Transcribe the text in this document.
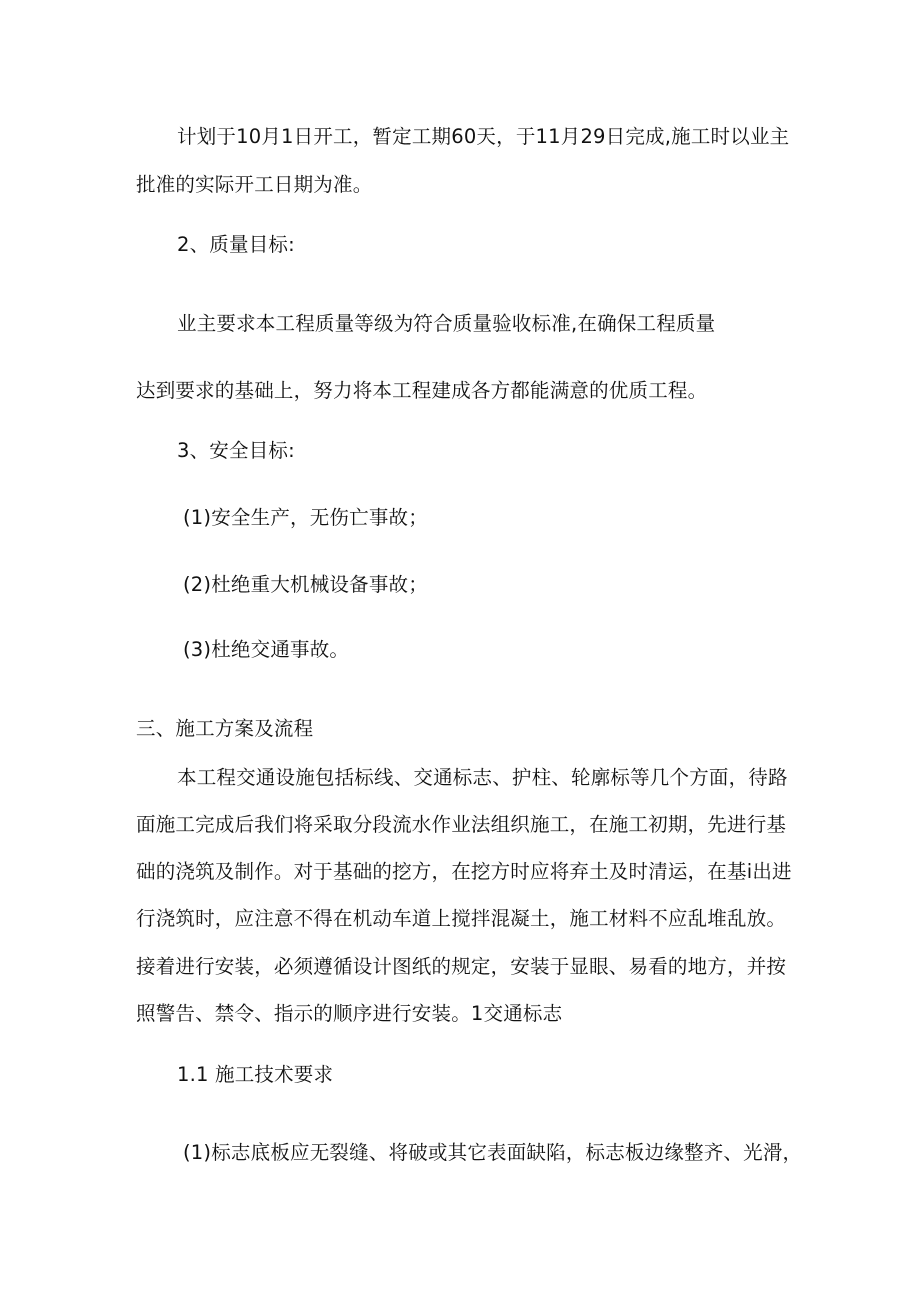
计划于10月1日开工，暂定工期60天，于11月29日完成,施工时以业主
批准的实际开工日期为准。
2、质量目标:
业主要求本工程质量等级为符合质量验收标准,在确保工程质量
达到要求的基础上，努力将本工程建成各方都能满意的优质工程。
3、安全目标:
(1)安全生产，无伤亡事故；
(2)杜绝重大机械设备事故；
(3)杜绝交通事故。
三、施工方案及流程
本工程交通设施包括标线、交通标志、护柱、轮廓标等几个方面，待路
面施工完成后我们将采取分段流水作业法组织施工，在施工初期，先进行基
础的浇筑及制作。对于基础的挖方，在挖方时应将弃土及时清运，在基i出进
行浇筑时，应注意不得在机动车道上搅拌混凝土，施工材料不应乱堆乱放。
接着进行安装，必须遵循设计图纸的规定，安装于显眼、易看的地方，并按
照警告、禁令、指示的顺序进行安装。1交通标志
1.1 施工技术要求
(1)标志底板应无裂缝、将破或其它表面缺陷，标志板边缘整齐、光滑，
